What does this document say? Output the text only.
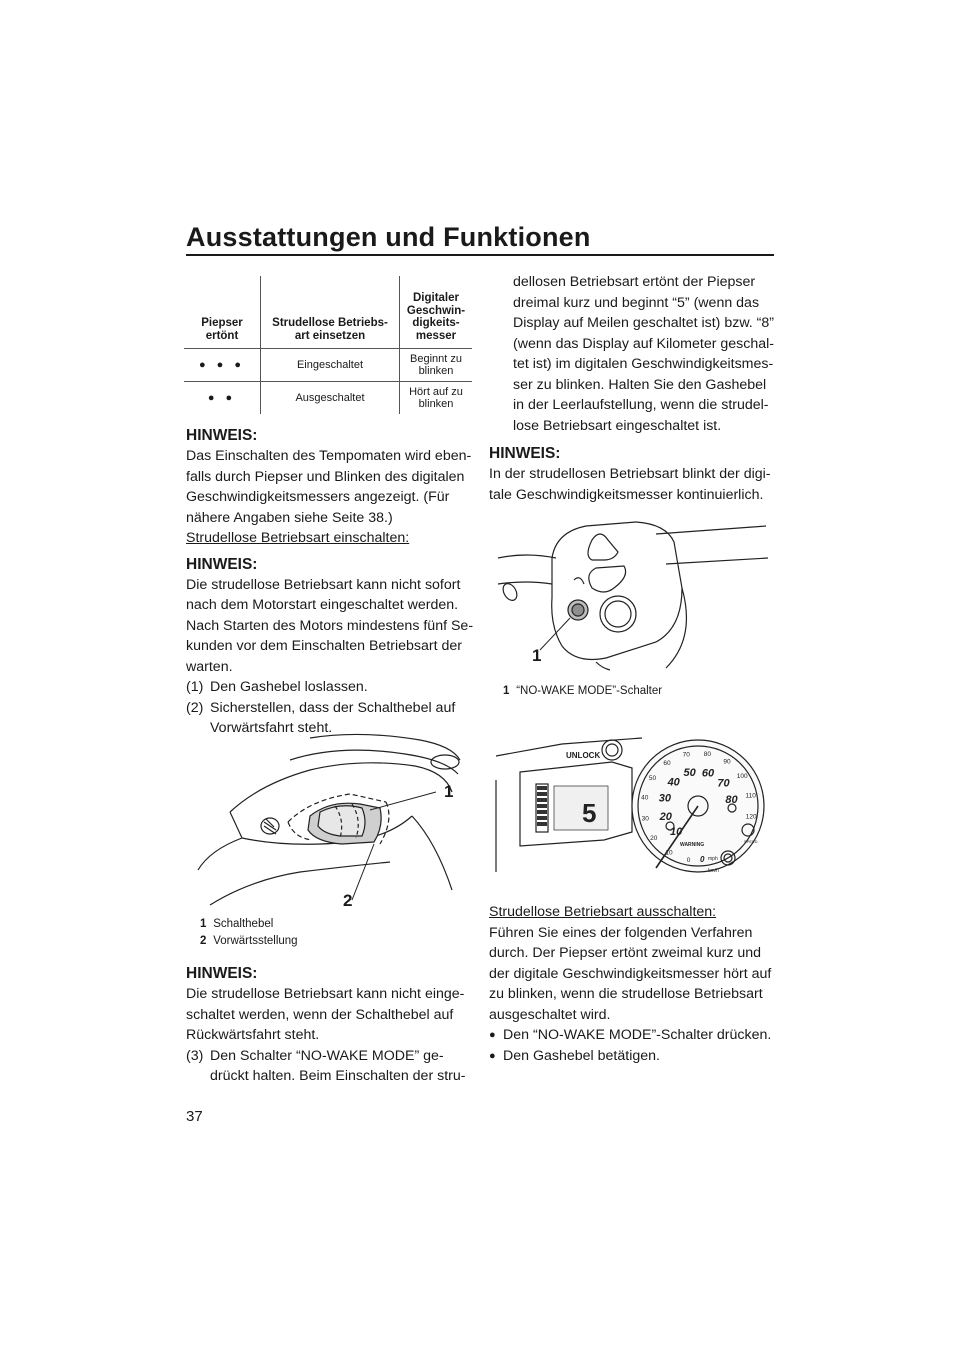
Ausstattungen und Funktionen
Piepser ertönt	Strudellose Betriebs-art einsetzen	Digitaler Geschwin-digkeits-messer
● ● ●	Eingeschaltet	Beginnt zu blinken
● ●	Ausgeschaltet	Hört auf zu blinken

HINWEIS:

Das Einschalten des Tempomaten wird eben-falls durch Piepser und Blinken des digitalen Geschwindigkeitsmessers angezeigt. (Für nähere Angaben siehe Seite 38.)

Strudellose Betriebsart einschalten:

HINWEIS:

Die strudellose Betriebsart kann nicht sofort nach dem Motorstart eingeschaltet werden. Nach Starten des Motors mindestens fünf Se-kunden vor dem Einschalten Betriebsart der warten.

(1) Den Gashebel loslassen.
(2) Sicherstellen, dass der Schalthebel auf Vorwärtsfahrt steht.
1
2
1 Schalthebel
2 Vorwärtsstellung

HINWEIS:

Die strudellose Betriebsart kann nicht einge-schaltet werden, wenn der Schalthebel auf Rückwärtsfahrt steht.

(3) Den Schalter “NO-WAKE MODE” ge-drückt halten. Beim Einschalten der stru-

dellosen Betriebsart ertönt der Piepser dreimal kurz und beginnt “5” (wenn das Display auf Meilen geschaltet ist) bzw. “8” (wenn das Display auf Kilometer geschal-tet ist) im digitalen Geschwindigkeitsmes-ser zu blinken. Halten Sie den Gashebel in der Leerlaufstellung, wenn die strudel-lose Betriebsart eingeschaltet ist.

HINWEIS:

In der strudellosen Betriebsart blinkt der digi-tale Geschwindigkeitsmesser kontinuierlich.

1
1 “NO-WAKE MODE”-Schalter
UNLOCK
5
WARNING
SPEED
0 mph
km/h
10
20
30
40
50 60
70
80
0
10
20
30
40
50
60
70 80
90
100
110
120

Strudellose Betriebsart ausschalten:

Führen Sie eines der folgenden Verfahren durch. Der Piepser ertönt zweimal kurz und der digitale Geschwindigkeitsmesser hört auf zu blinken, wenn die strudellose Betriebsart ausgeschaltet wird.

● Den “NO-WAKE MODE”-Schalter drücken.
● Den Gashebel betätigen.
37
